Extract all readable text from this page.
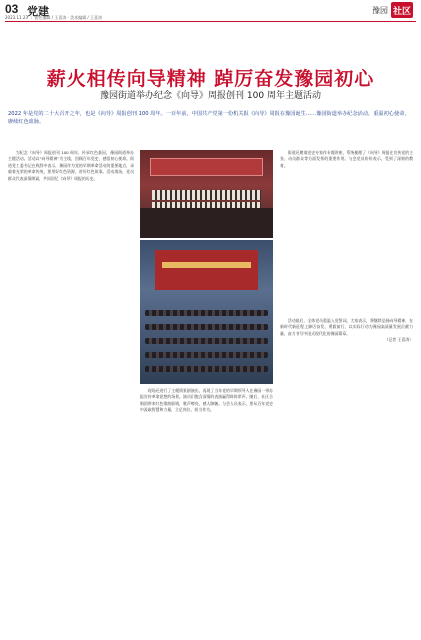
03 党建
2023.11.23 ｜ 责任编辑 / 王喜涛 · 美术编辑 / 王喜涛
豫园 社区
薪火相传向导精神 踔厉奋发豫园初心
豫园街道举办纪念《向导》周报创刊 100 周年主题活动
2022 年是党的二十大召开之年，也是《向导》周报创刊 100 周年。一百年前，中国共产党第一份机关报《向导》周报在豫园诞生……豫园街道举办纪念活动，重温初心使命，赓续红色血脉。

为纪念《向导》周报创刊 100 周年，传承红色基因，豫园街道举办主题活动。活动以“向导精神”为主线，回顾百年党史，感悟初心使命。街道党工委书记在致辞中表示，豫园作为党的早期革命活动的重要地点，承载着光荣的革命传统，要用好红色资源，讲好红色故事。活动现场，党员群众代表深情朗诵，共同回忆《向导》周报的历史。

现场还进行了主题情景剧演出，再现了当年党的早期领导人在豫园一带办报宣传革命思想的场景。演员们饱含深情的表演赢得阵阵掌声。随后，社区合唱团带来红色歌曲联唱，歌声嘹亮，感人肺腑。与会人员表示，要从百年党史中汲取智慧和力量，立足岗位、担当作为。

街道还邀请党史专家作专题讲座，系统梳理了《向导》周报在宣传党的主张、动员群众等方面发挥的重要作用。与会党员纷纷表示，受到了深刻的教育。

活动最后，全体党员重温入党誓词。大家表示，将继续弘扬向导精神，在新时代新征程上踔厉奋发、勇毅前行，以实际行动为豫园高质量发展贡献力量，奋力书写中国式现代化的豫园篇章。

（记者 王喜涛）
